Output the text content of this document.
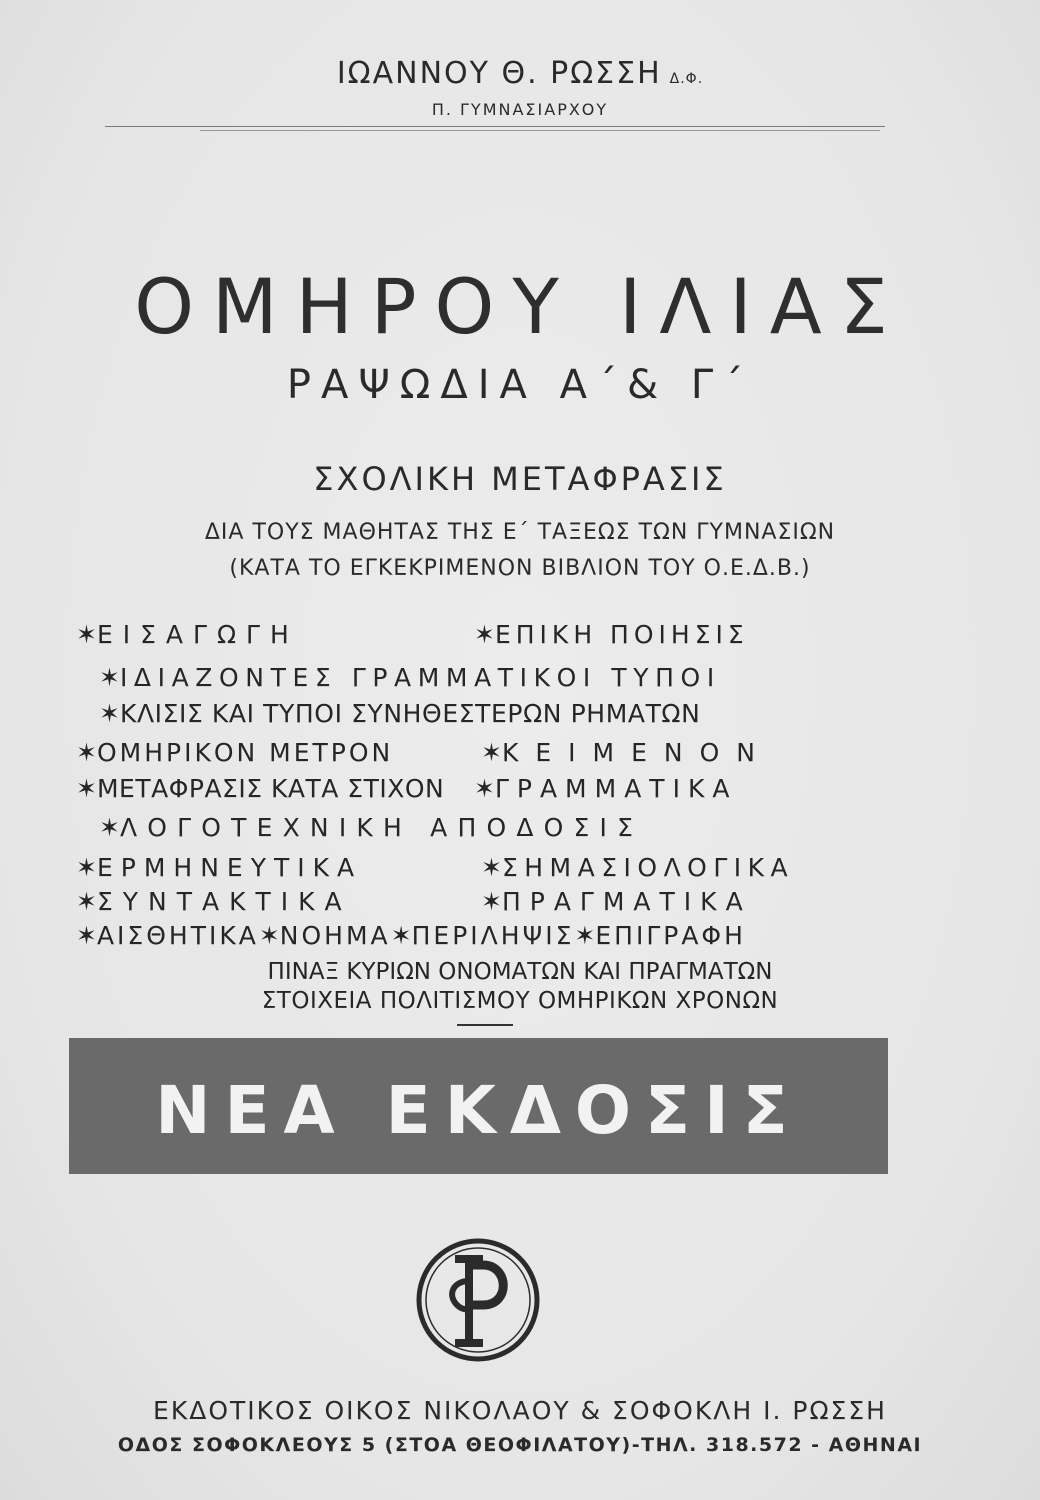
ΙΩΑΝΝΟΥ Θ. ΡΩΣΣΗ Δ.Φ.
Π. ΓΥΜΝΑΣΙΑΡΧΟΥ
ΟΜΗΡΟΥ ΙΛΙΑΣ
ΡΑΨΩΔΙΑ Α΄& Γ΄
ΣΧΟΛΙΚΗ ΜΕΤΑΦΡΑΣΙΣ
ΔΙΑ ΤΟΥΣ ΜΑΘΗΤΑΣ ΤΗΣ Ε΄ ΤΑΞΕΩΣ ΤΩΝ ΓΥΜΝΑΣΙΩΝ
(ΚΑΤΑ ΤΟ ΕΓΚΕΚΡΙΜΕΝΟΝ ΒΙΒΛΙΟΝ ΤΟΥ Ο.Ε.Δ.Β.)
✶ΕΙΣΑΓΩΓΗ	✶ΕΠΙΚΗ ΠΟΙΗΣΙΣ
✶ΙΔΙΑΖΟΝΤΕΣ ΓΡΑΜΜΑΤΙΚΟΙ ΤΥΠΟΙ
✶ΚΛΙΣΙΣ ΚΑΙ ΤΥΠΟΙ ΣΥΝΗΘΕΣΤΕΡΩΝ ΡΗΜΑΤΩΝ
✶ΟΜΗΡΙΚΟΝ ΜΕΤΡΟΝ	✶ΚΕΙΜΕΝΟΝ
✶ΜΕΤΑΦΡΑΣΙΣ ΚΑΤΑ ΣΤΙΧΟΝ ✶ΓΡΑΜΜΑΤΙΚΑ
✶ΛΟΓΟΤΕΧΝΙΚΗ ΑΠΟΔΟΣΙΣ
✶ΕΡΜΗΝΕΥΤΙΚΑ	✶ΣΗΜΑΣΙΟΛΟΓΙΚΑ
✶ΣΥΝΤΑΚΤΙΚΑ	✶ΠΡΑΓΜΑΤΙΚΑ
✶ΑΙΣΘΗΤΙΚΑ✶ΝΟΗΜΑ✶ΠΕΡΙΛΗΨΙΣ✶ΕΠΙΓΡΑΦΗ
ΠΙΝΑΞ ΚΥΡΙΩΝ ΟΝΟΜΑΤΩΝ ΚΑΙ ΠΡΑΓΜΑΤΩΝ
ΣΤΟΙΧΕΙΑ ΠΟΛΙΤΙΣΜΟΥ ΟΜΗΡΙΚΩΝ ΧΡΟΝΩΝ
ΝΕΑ ΕΚΔΟΣΙΣ
ΕΚΔΟΤΙΚΟΣ ΟΙΚΟΣ ΝΙΚΟΛΑΟΥ & ΣΟΦΟΚΛΗ Ι. ΡΩΣΣΗ
ΟΔΟΣ ΣΟΦΟΚΛΕΟΥΣ 5 (ΣΤΟΑ ΘΕΟΦΙΛΑΤΟΥ)-ΤΗΛ. 318.572 - ΑΘΗΝΑΙ
